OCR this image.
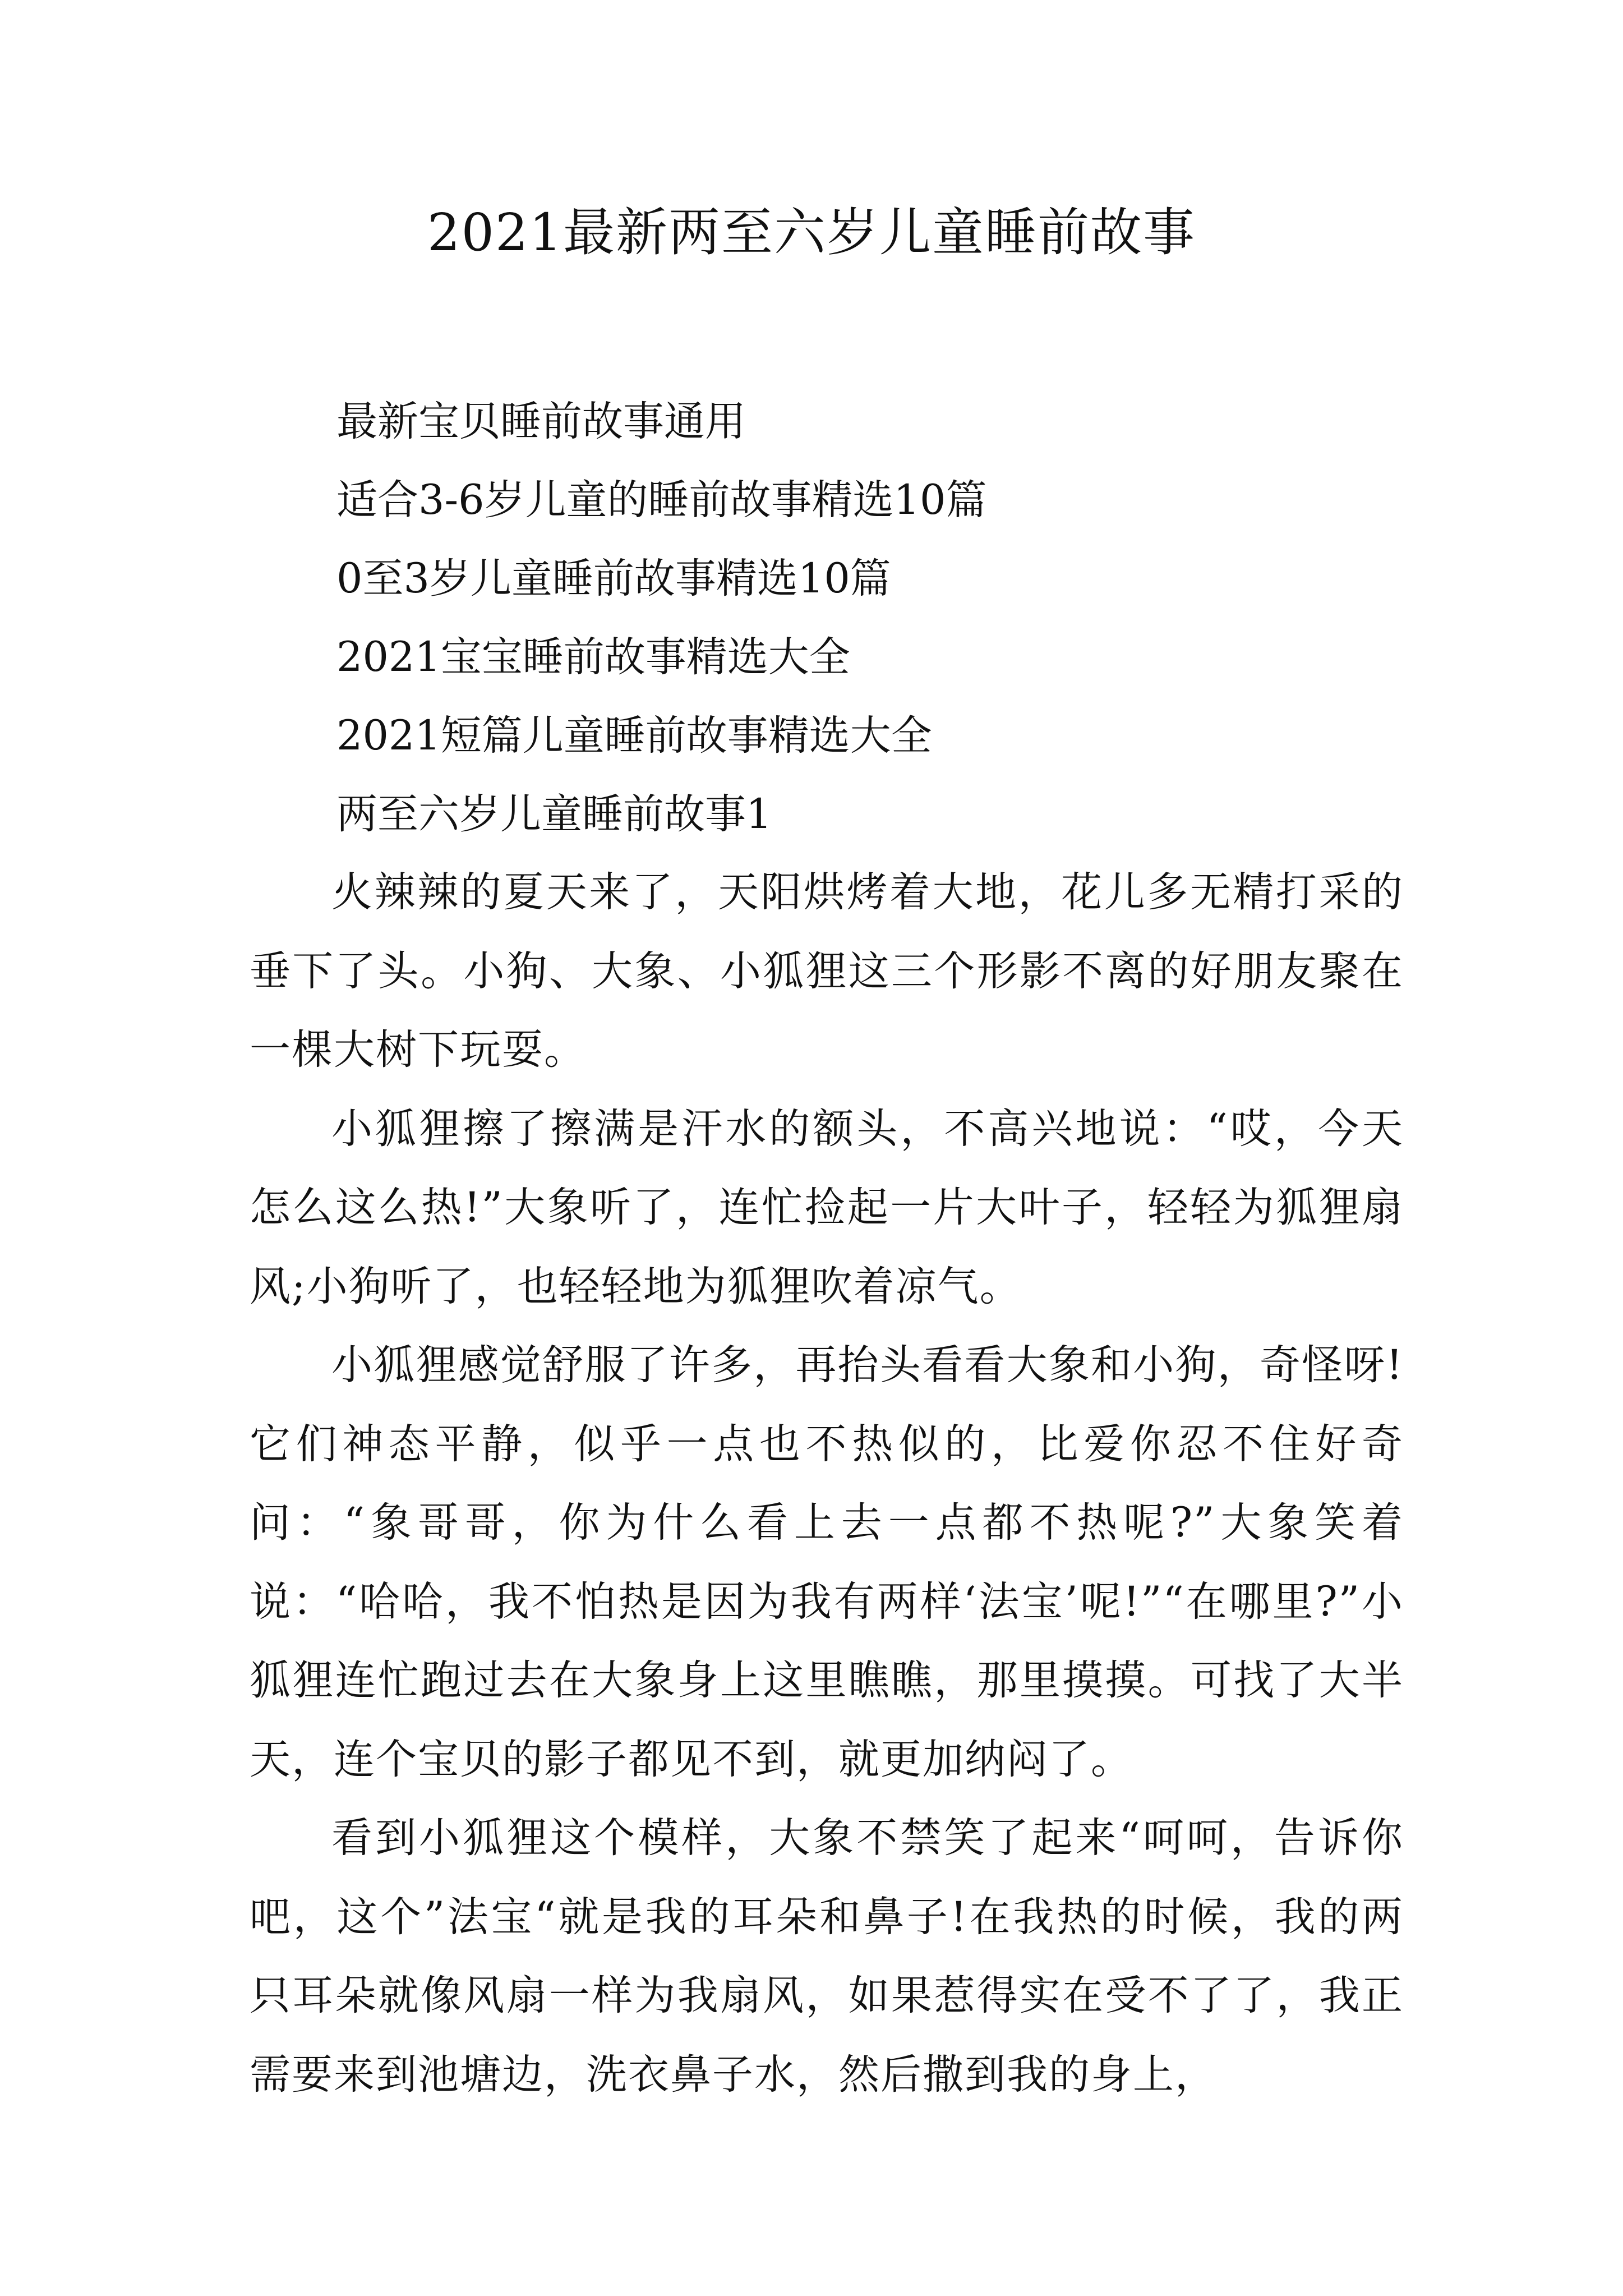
2021最新两至六岁儿童睡前故事
最新宝贝睡前故事通用
适合3-6岁儿童的睡前故事精选10篇
0至3岁儿童睡前故事精选10篇
2021宝宝睡前故事精选大全
2021短篇儿童睡前故事精选大全
两至六岁儿童睡前故事1

火辣辣的夏天来了，天阳烘烤着大地，花儿多无精打采的垂下了头。小狗、大象、小狐狸这三个形影不离的好朋友聚在一棵大树下玩耍。

小狐狸擦了擦满是汗水的额头，不高兴地说：“哎，今天怎么这么热!”大象听了，连忙捡起一片大叶子，轻轻为狐狸扇风;小狗听了，也轻轻地为狐狸吹着凉气。

小狐狸感觉舒服了许多，再抬头看看大象和小狗，奇怪呀!它们神态平静，似乎一点也不热似的，比爱你忍不住好奇问：“象哥哥，你为什么看上去一点都不热呢?”大象笑着说：“哈哈，我不怕热是因为我有两样‘法宝’呢!”“在哪里?”小狐狸连忙跑过去在大象身上这里瞧瞧，那里摸摸。可找了大半天，连个宝贝的影子都见不到，就更加纳闷了。

看到小狐狸这个模样，大象不禁笑了起来“呵呵，告诉你吧，这个”法宝“就是我的耳朵和鼻子!在我热的时候，我的两只耳朵就像风扇一样为我扇风，如果惹得实在受不了了，我正需要来到池塘边，洗衣鼻子水，然后撒到我的身上，
